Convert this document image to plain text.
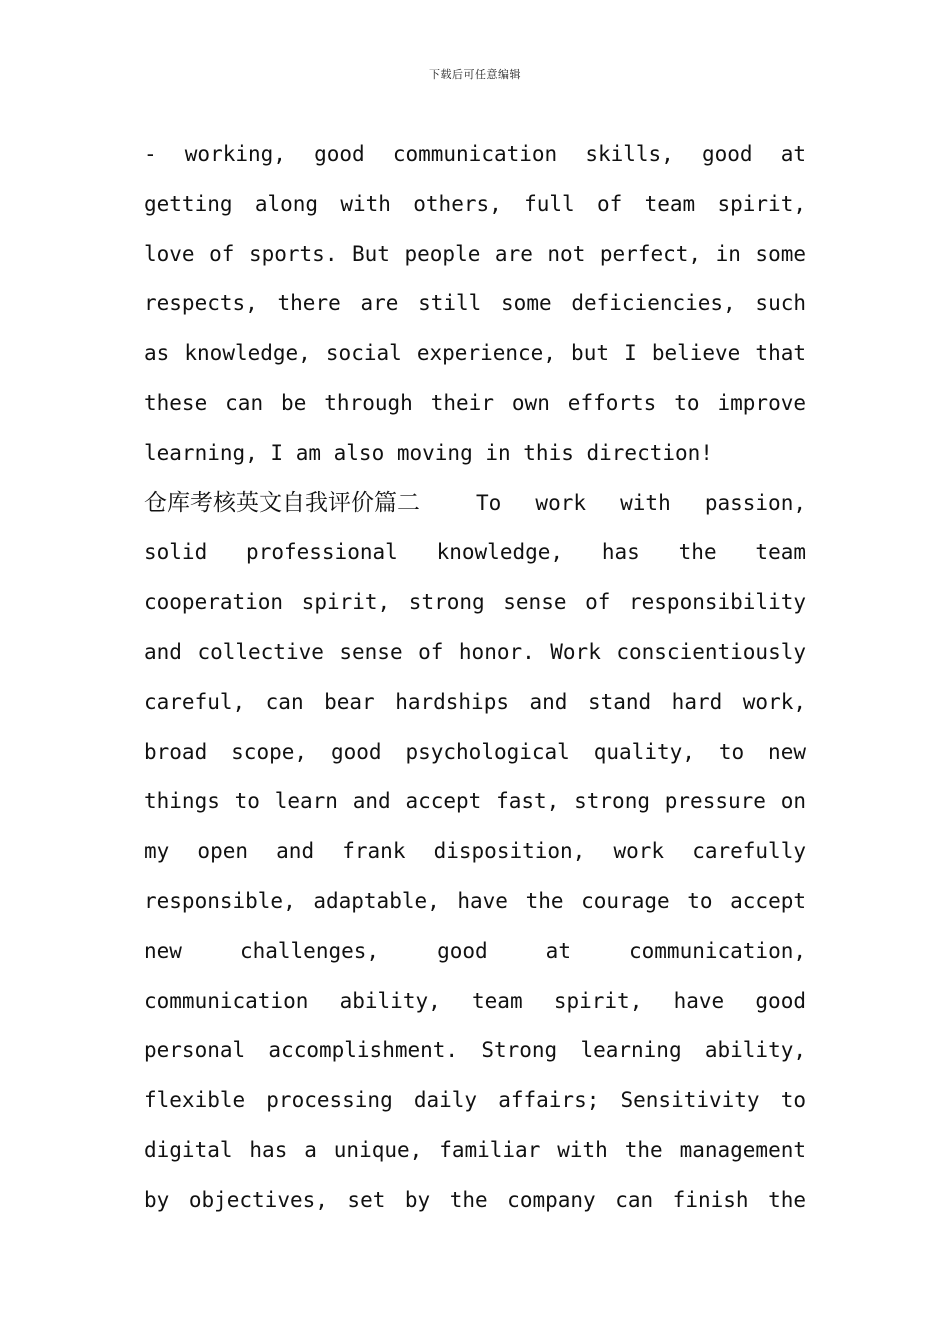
下载后可任意编辑
- working, good communication skills, good at
getting along with others, full of team spirit,
love of sports. But people are not perfect, in some
respects, there are still some deficiencies, such
as knowledge, social experience, but I believe that
these can be through their own efforts to improve
learning, I am also moving in this direction!
仓库考核英文自我评价篇二	To work with passion,
solid professional knowledge, has the team
cooperation spirit, strong sense of responsibility
and collective sense of honor. Work conscientiously
careful, can bear hardships and stand hard work,
broad scope, good psychological quality, to new
things to learn and accept fast, strong pressure on
my open and frank disposition, work carefully
responsible, adaptable, have the courage to accept
new challenges, good at communication,
communication ability, team spirit, have good
personal accomplishment. Strong learning ability,
flexible processing daily affairs; Sensitivity to
digital has a unique, familiar with the management
by objectives, set by the company can finish the
